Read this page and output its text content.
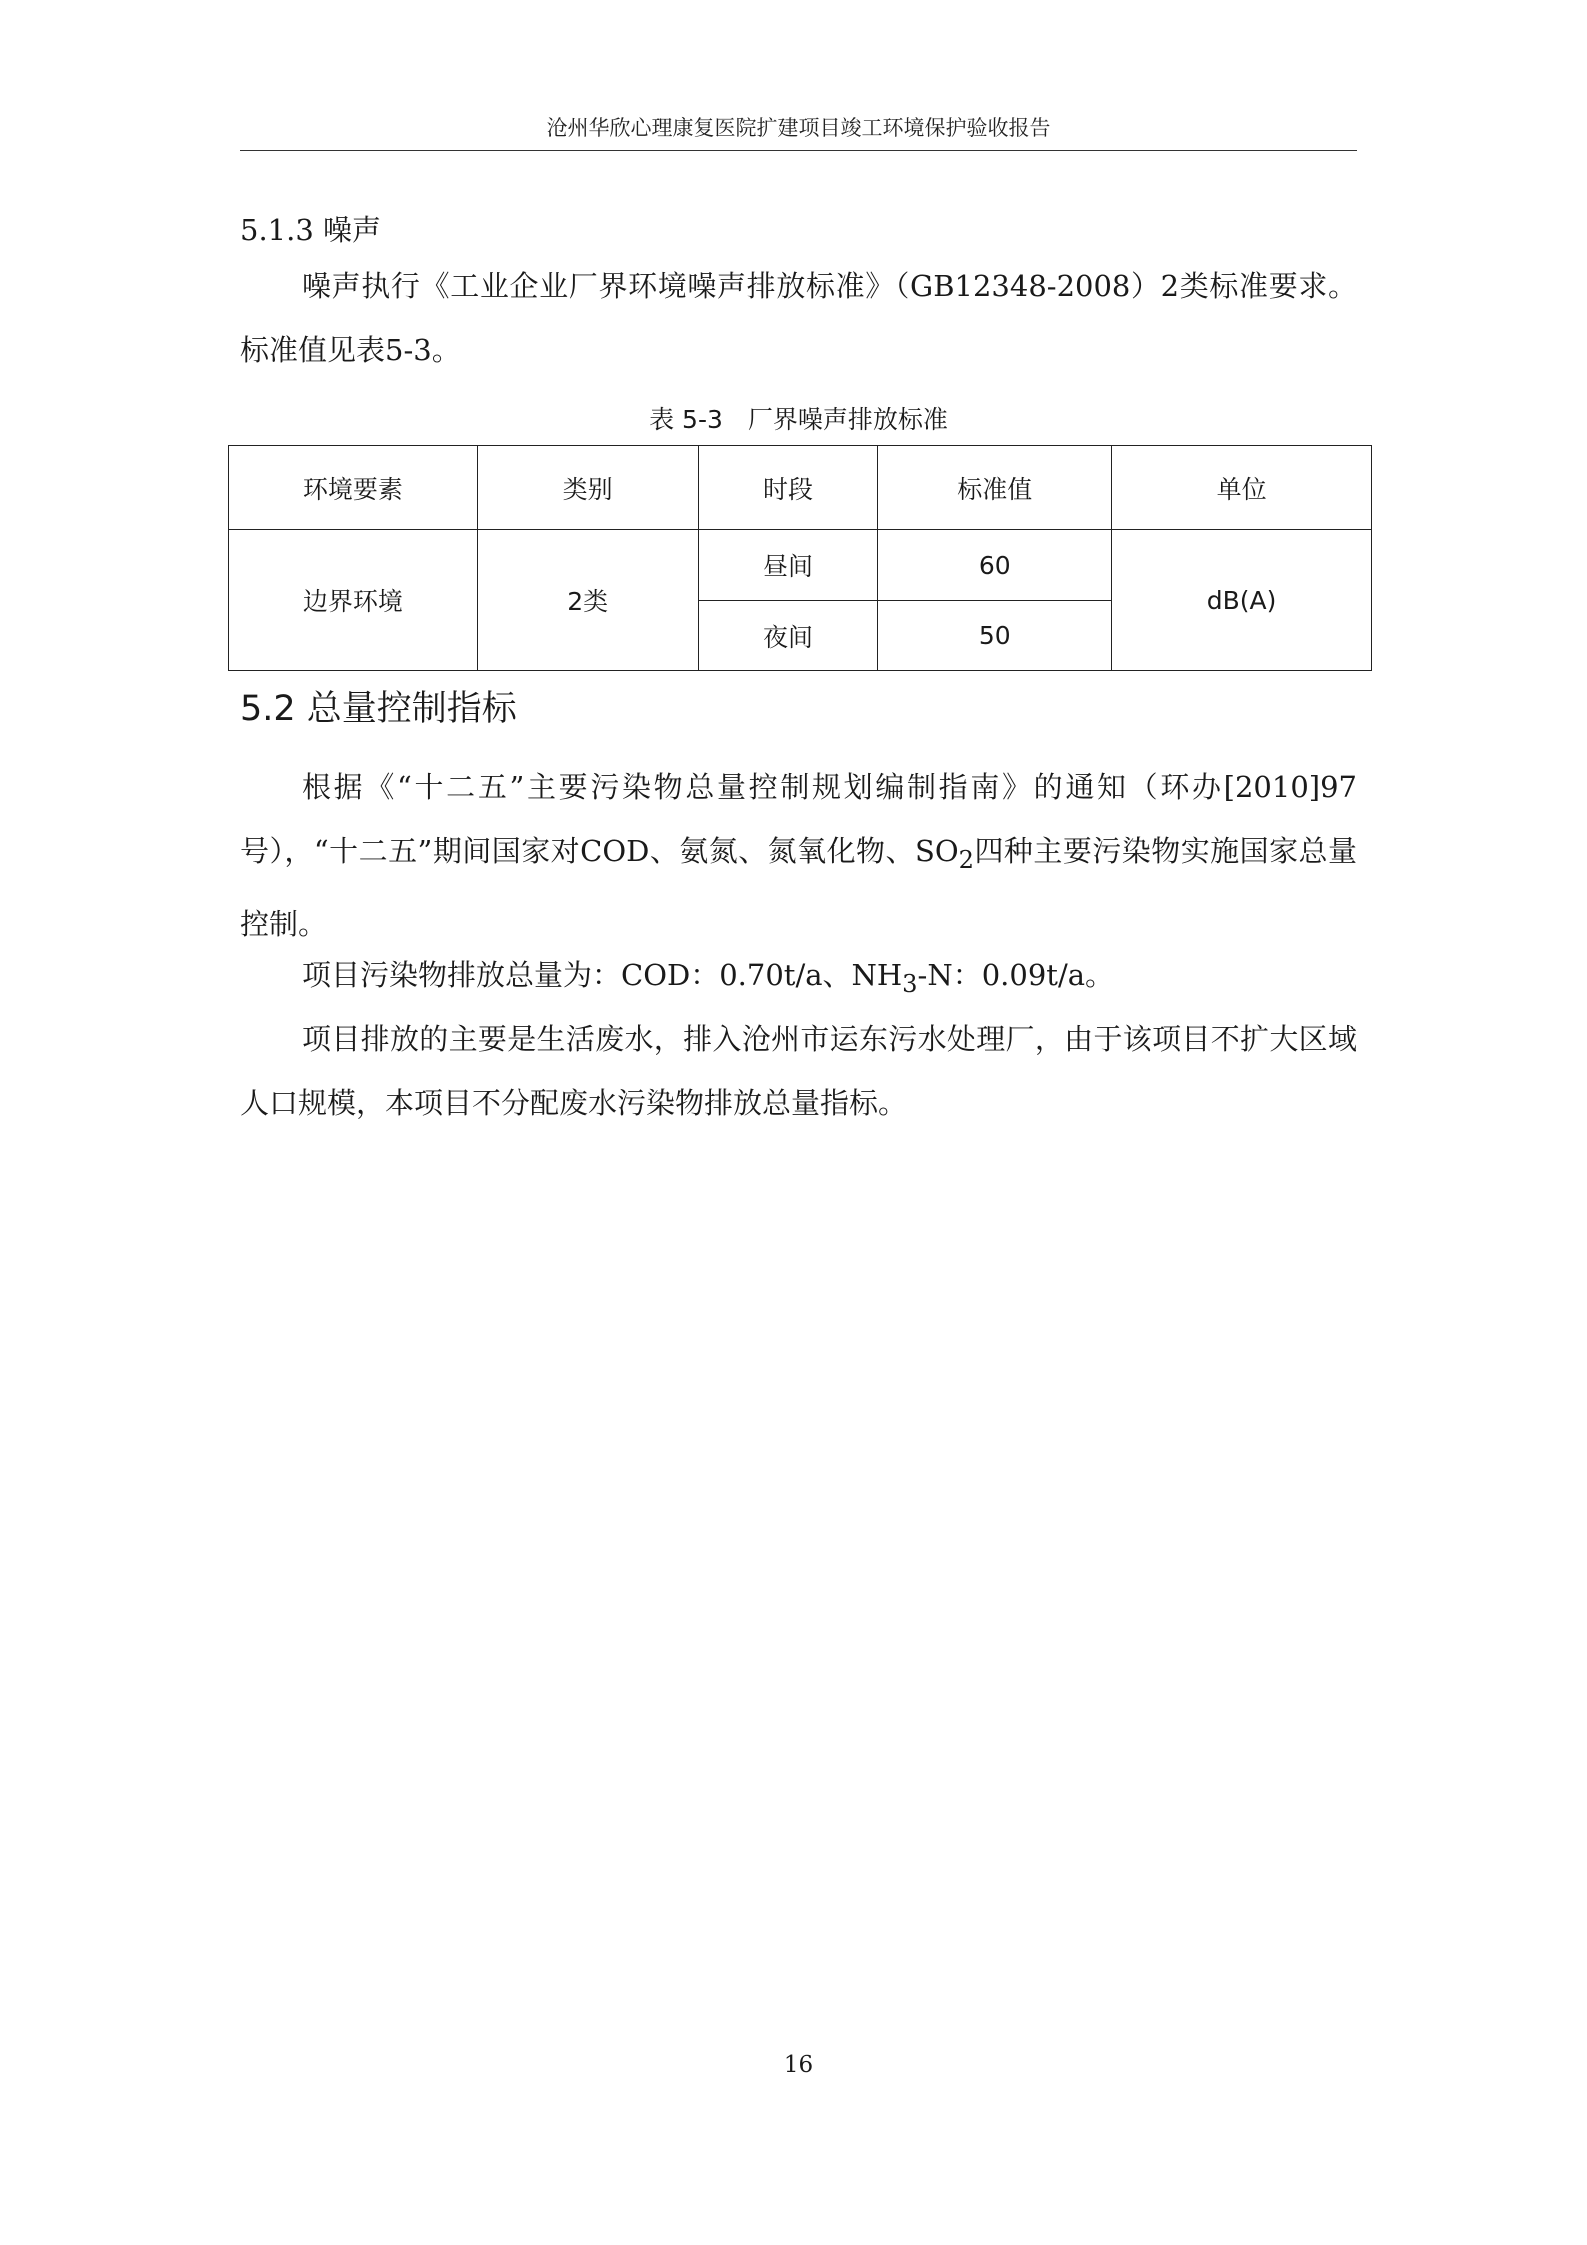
沧州华欣心理康复医院扩建项目竣工环境保护验收报告

5.1.3 噪声

噪声执行《工业企业厂界环境噪声排放标准》（GB12348-2008）2类标准要求。标准值见表5-3。

表 5-3　厂界噪声排放标准
环境要素	类别	时段	标准值	单位
边界环境	2类	昼间	60	dB(A)
		夜间	50	
5.2 总量控制指标

根据《“十二五”主要污染物总量控制规划编制指南》的通知（环办[2010]97号），“十二五”期间国家对COD、氨氮、氮氧化物、$SO_2$四种主要污染物实施国家总量控制。

项目污染物排放总量为：COD：0.70t/a、$NH_3-N$：0.09t/a。

项目排放的主要是生活废水，排入沧州市运东污水处理厂，由于该项目不扩大区域人口规模，本项目不分配废水污染物排放总量指标。

16
